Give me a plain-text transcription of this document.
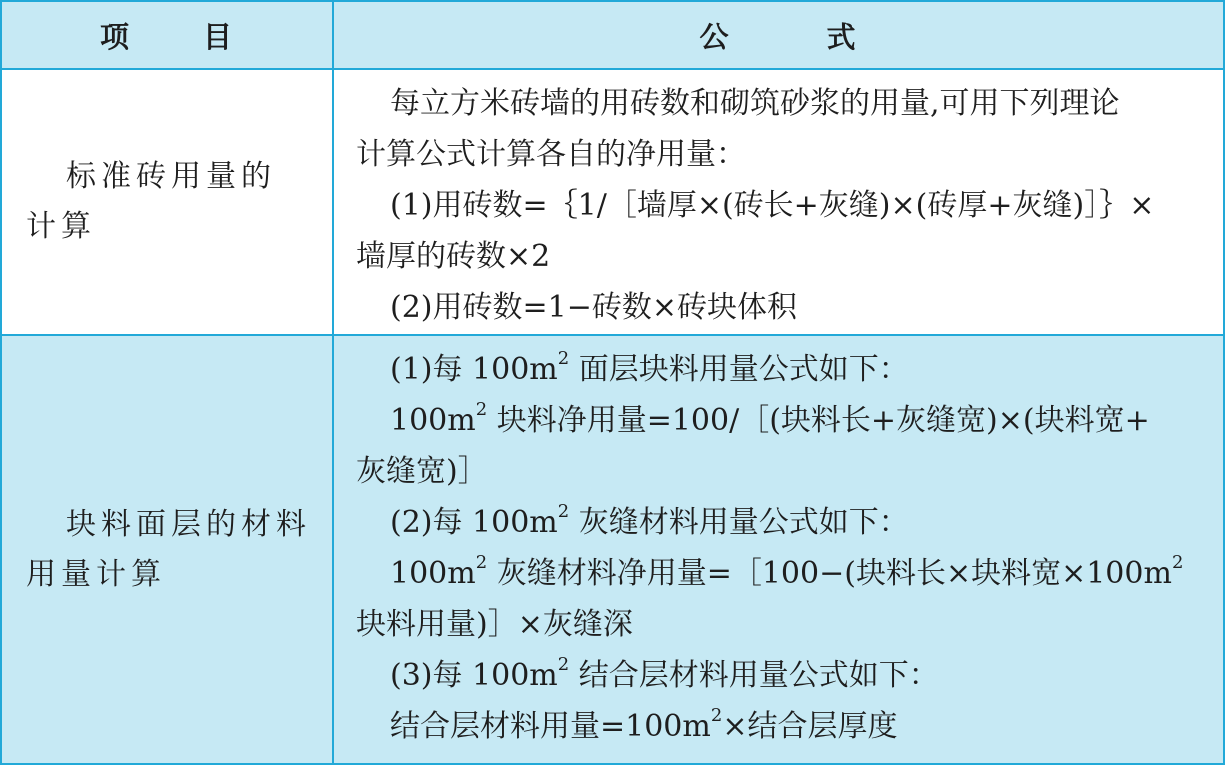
项 目	公	式
标准砖用量的
计算
每立方米砖墙的用砖数和砌筑砂浆的用量,可用下列理论
计算公式计算各自的净用量：
(1)用砖数=｛1/［墙厚×(砖长+灰缝)×(砖厚+灰缝)］｝×
墙厚的砖数×2
(2)用砖数=1−砖数×砖块体积
块料面层的材料
用量计算
(1)每 $100m^2$ 面层块料用量公式如下：
$100m^2$ 块料净用量=100/［(块料长+灰缝宽)×(块料宽+
灰缝宽)］
(2)每 $100m^2$ 灰缝材料用量公式如下：
$100m^2$ 灰缝材料净用量=［100−(块料长×块料宽$\times 100m^2$
块料用量)］×灰缝深
(3)每 $100m^2$ 结合层材料用量公式如下：
结合层材料用量$=100m^2\times$结合层厚度
